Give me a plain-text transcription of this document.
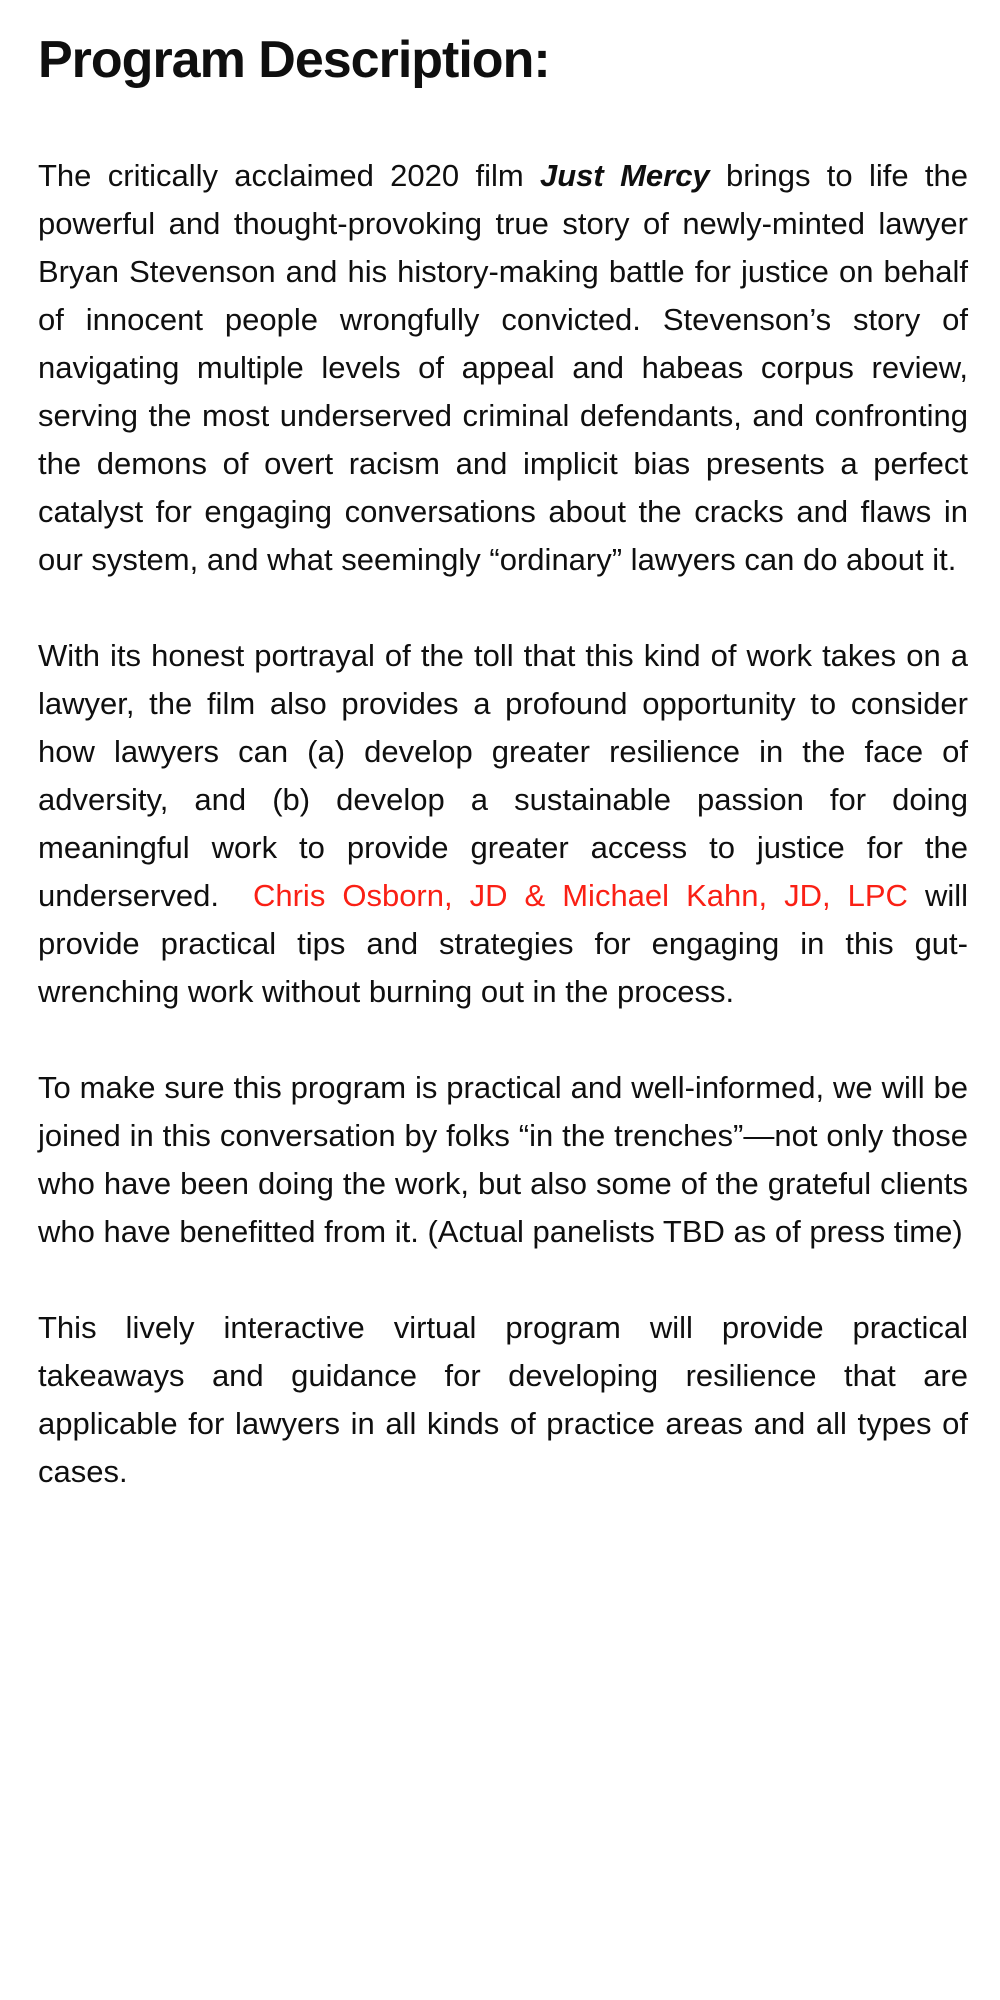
Program Description:

The critically acclaimed 2020 film Just Mercy brings to life the powerful and thought-provoking true story of newly-minted lawyer Bryan Stevenson and his history-making battle for justice on behalf of innocent people wrongfully convicted. Stevenson’s story of navigating multiple levels of appeal and habeas corpus review, serving the most underserved criminal defendants, and confronting the demons of overt racism and implicit bias presents a perfect catalyst for engaging conversations about the cracks and flaws in our system, and what seemingly “ordinary” lawyers can do about it.

With its honest portrayal of the toll that this kind of work takes on a lawyer, the film also provides a profound opportunity to consider how lawyers can (a) develop greater resilience in the face of adversity, and (b) develop a sustainable passion for doing meaningful work to provide greater access to justice for the underserved.  Chris Osborn, JD & Michael Kahn, JD, LPC will provide practical tips and strategies for engaging in this gut-wrenching work without burning out in the process.

To make sure this program is practical and well-informed, we will be joined in this conversation by folks “in the trenches”—not only those who have been doing the work, but also some of the grateful clients who have benefitted from it. (Actual panelists TBD as of press time)

This lively interactive virtual program will provide practical takeaways and guidance for developing resilience that are applicable for lawyers in all kinds of practice areas and all types of cases.
